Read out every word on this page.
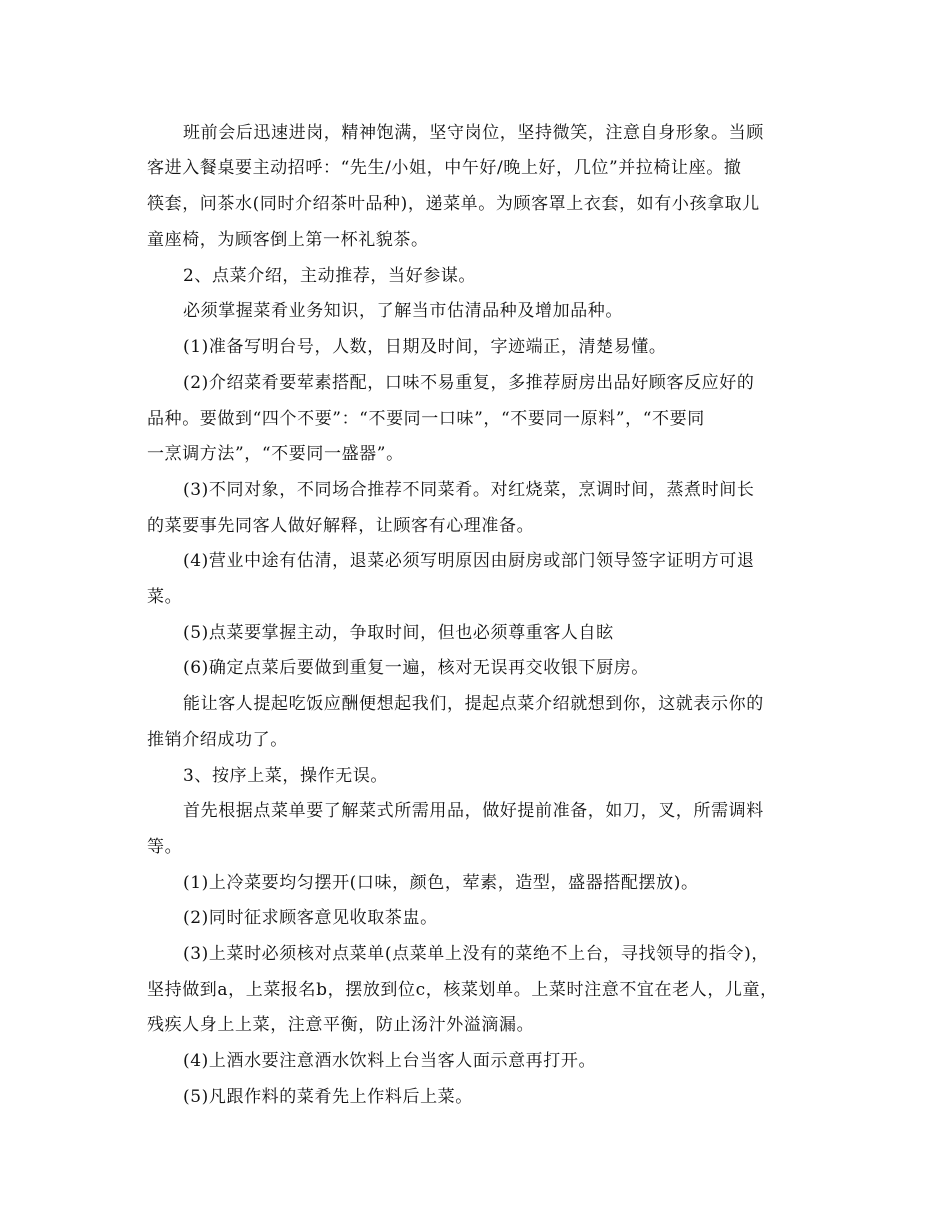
班前会后迅速进岗，精神饱满，坚守岗位，坚持微笑，注意自身形象。当顾
客进入餐桌要主动招呼：“先生/小姐，中午好/晚上好，几位”并拉椅让座。撤
筷套，问茶水(同时介绍茶叶品种)，递菜单。为顾客罩上衣套，如有小孩拿取儿
童座椅，为顾客倒上第一杯礼貌茶。
2、点菜介绍，主动推荐，当好参谋。
必须掌握菜肴业务知识，了解当市估清品种及增加品种。
(1)准备写明台号，人数，日期及时间，字迹端正，清楚易懂。
(2)介绍菜肴要荤素搭配，口味不易重复，多推荐厨房出品好顾客反应好的
品种。要做到“四个不要”：“不要同一口味”，“不要同一原料”，“不要同
一烹调方法”，“不要同一盛器”。
(3)不同对象，不同场合推荐不同菜肴。对红烧菜，烹调时间，蒸煮时间长
的菜要事先同客人做好解释，让顾客有心理准备。
(4)营业中途有估清，退菜必须写明原因由厨房或部门领导签字证明方可退
菜。
(5)点菜要掌握主动，争取时间，但也必须尊重客人自眩
(6)确定点菜后要做到重复一遍，核对无误再交收银下厨房。
能让客人提起吃饭应酬便想起我们，提起点菜介绍就想到你，这就表示你的
推销介绍成功了。
3、按序上菜，操作无误。
首先根据点菜单要了解菜式所需用品，做好提前准备，如刀，叉，所需调料
等。
(1)上冷菜要均匀摆开(口味，颜色，荤素，造型，盛器搭配摆放)。
(2)同时征求顾客意见收取茶盅。
(3)上菜时必须核对点菜单(点菜单上没有的菜绝不上台，寻找领导的指令)，
坚持做到a，上菜报名b，摆放到位c，核菜划单。上菜时注意不宜在老人，儿童，
残疾人身上上菜，注意平衡，防止汤汁外溢滴漏。
(4)上酒水要注意酒水饮料上台当客人面示意再打开。
(5)凡跟作料的菜肴先上作料后上菜。
